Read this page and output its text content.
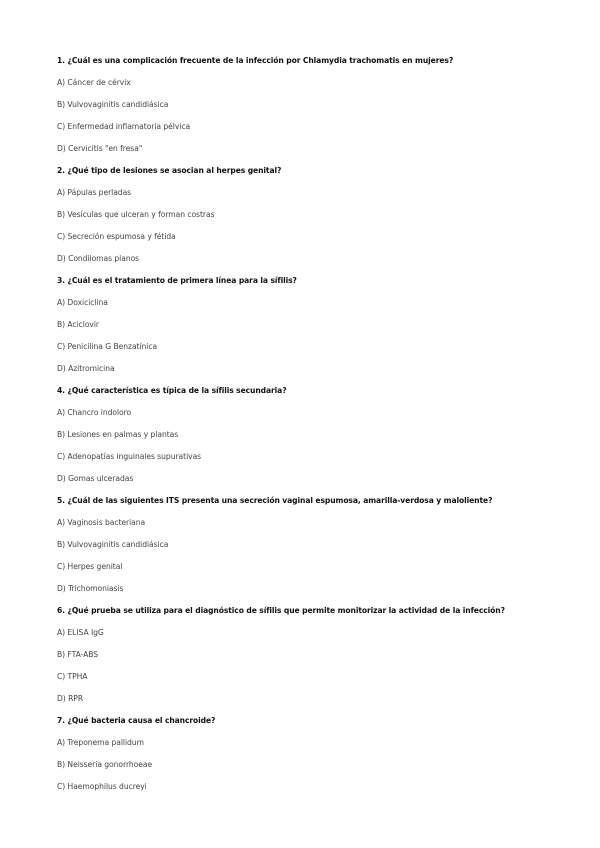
1. ¿Cuál es una complicación frecuente de la infección por Chlamydia trachomatis en mujeres?
A) Cáncer de cérvix
B) Vulvovaginitis candidiásica
C) Enfermedad inflamatoria pélvica
D) Cervicitis "en fresa"
2. ¿Qué tipo de lesiones se asocian al herpes genital?
A) Pápulas perladas
B) Vesículas que ulceran y forman costras
C) Secreción espumosa y fétida
D) Condilomas planos
3. ¿Cuál es el tratamiento de primera línea para la sífilis?
A) Doxiciclina
B) Aciclovir
C) Penicilina G Benzatínica
D) Azitromicina
4. ¿Qué característica es típica de la sífilis secundaria?
A) Chancro indoloro
B) Lesiones en palmas y plantas
C) Adenopatías inguinales supurativas
D) Gomas ulceradas
5. ¿Cuál de las siguientes ITS presenta una secreción vaginal espumosa, amarilla-verdosa y maloliente?
A) Vaginosis bacteriana
B) Vulvovaginitis candidiásica
C) Herpes genital
D) Trichomoniasis
6. ¿Qué prueba se utiliza para el diagnóstico de sífilis que permite monitorizar la actividad de la infección?
A) ELISA IgG
B) FTA-ABS
C) TPHA
D) RPR
7. ¿Qué bacteria causa el chancroide?
A) Treponema pallidum
B) Neisseria gonorrhoeae
C) Haemophilus ducreyi
